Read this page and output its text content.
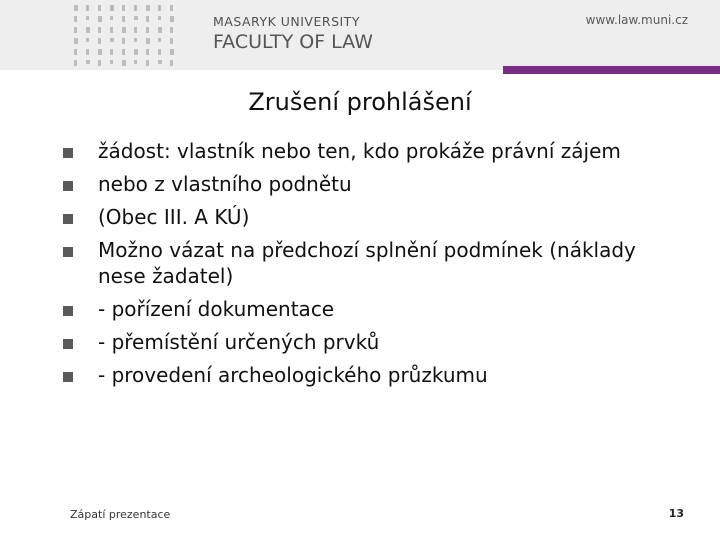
MASARYK UNIVERSITY
FACULTY OF LAW
www.law.muni.cz
Zrušení prohlášení
žádost: vlastník nebo ten, kdo prokáže právní zájem
nebo z vlastního podnětu
(Obec III. A KÚ)
Možno vázat na předchozí splnění podmínek (náklady nese žadatel)
- pořízení dokumentace
- přemístění určených prvků
- provedení archeologického průzkumu
Zápatí prezentace	13
